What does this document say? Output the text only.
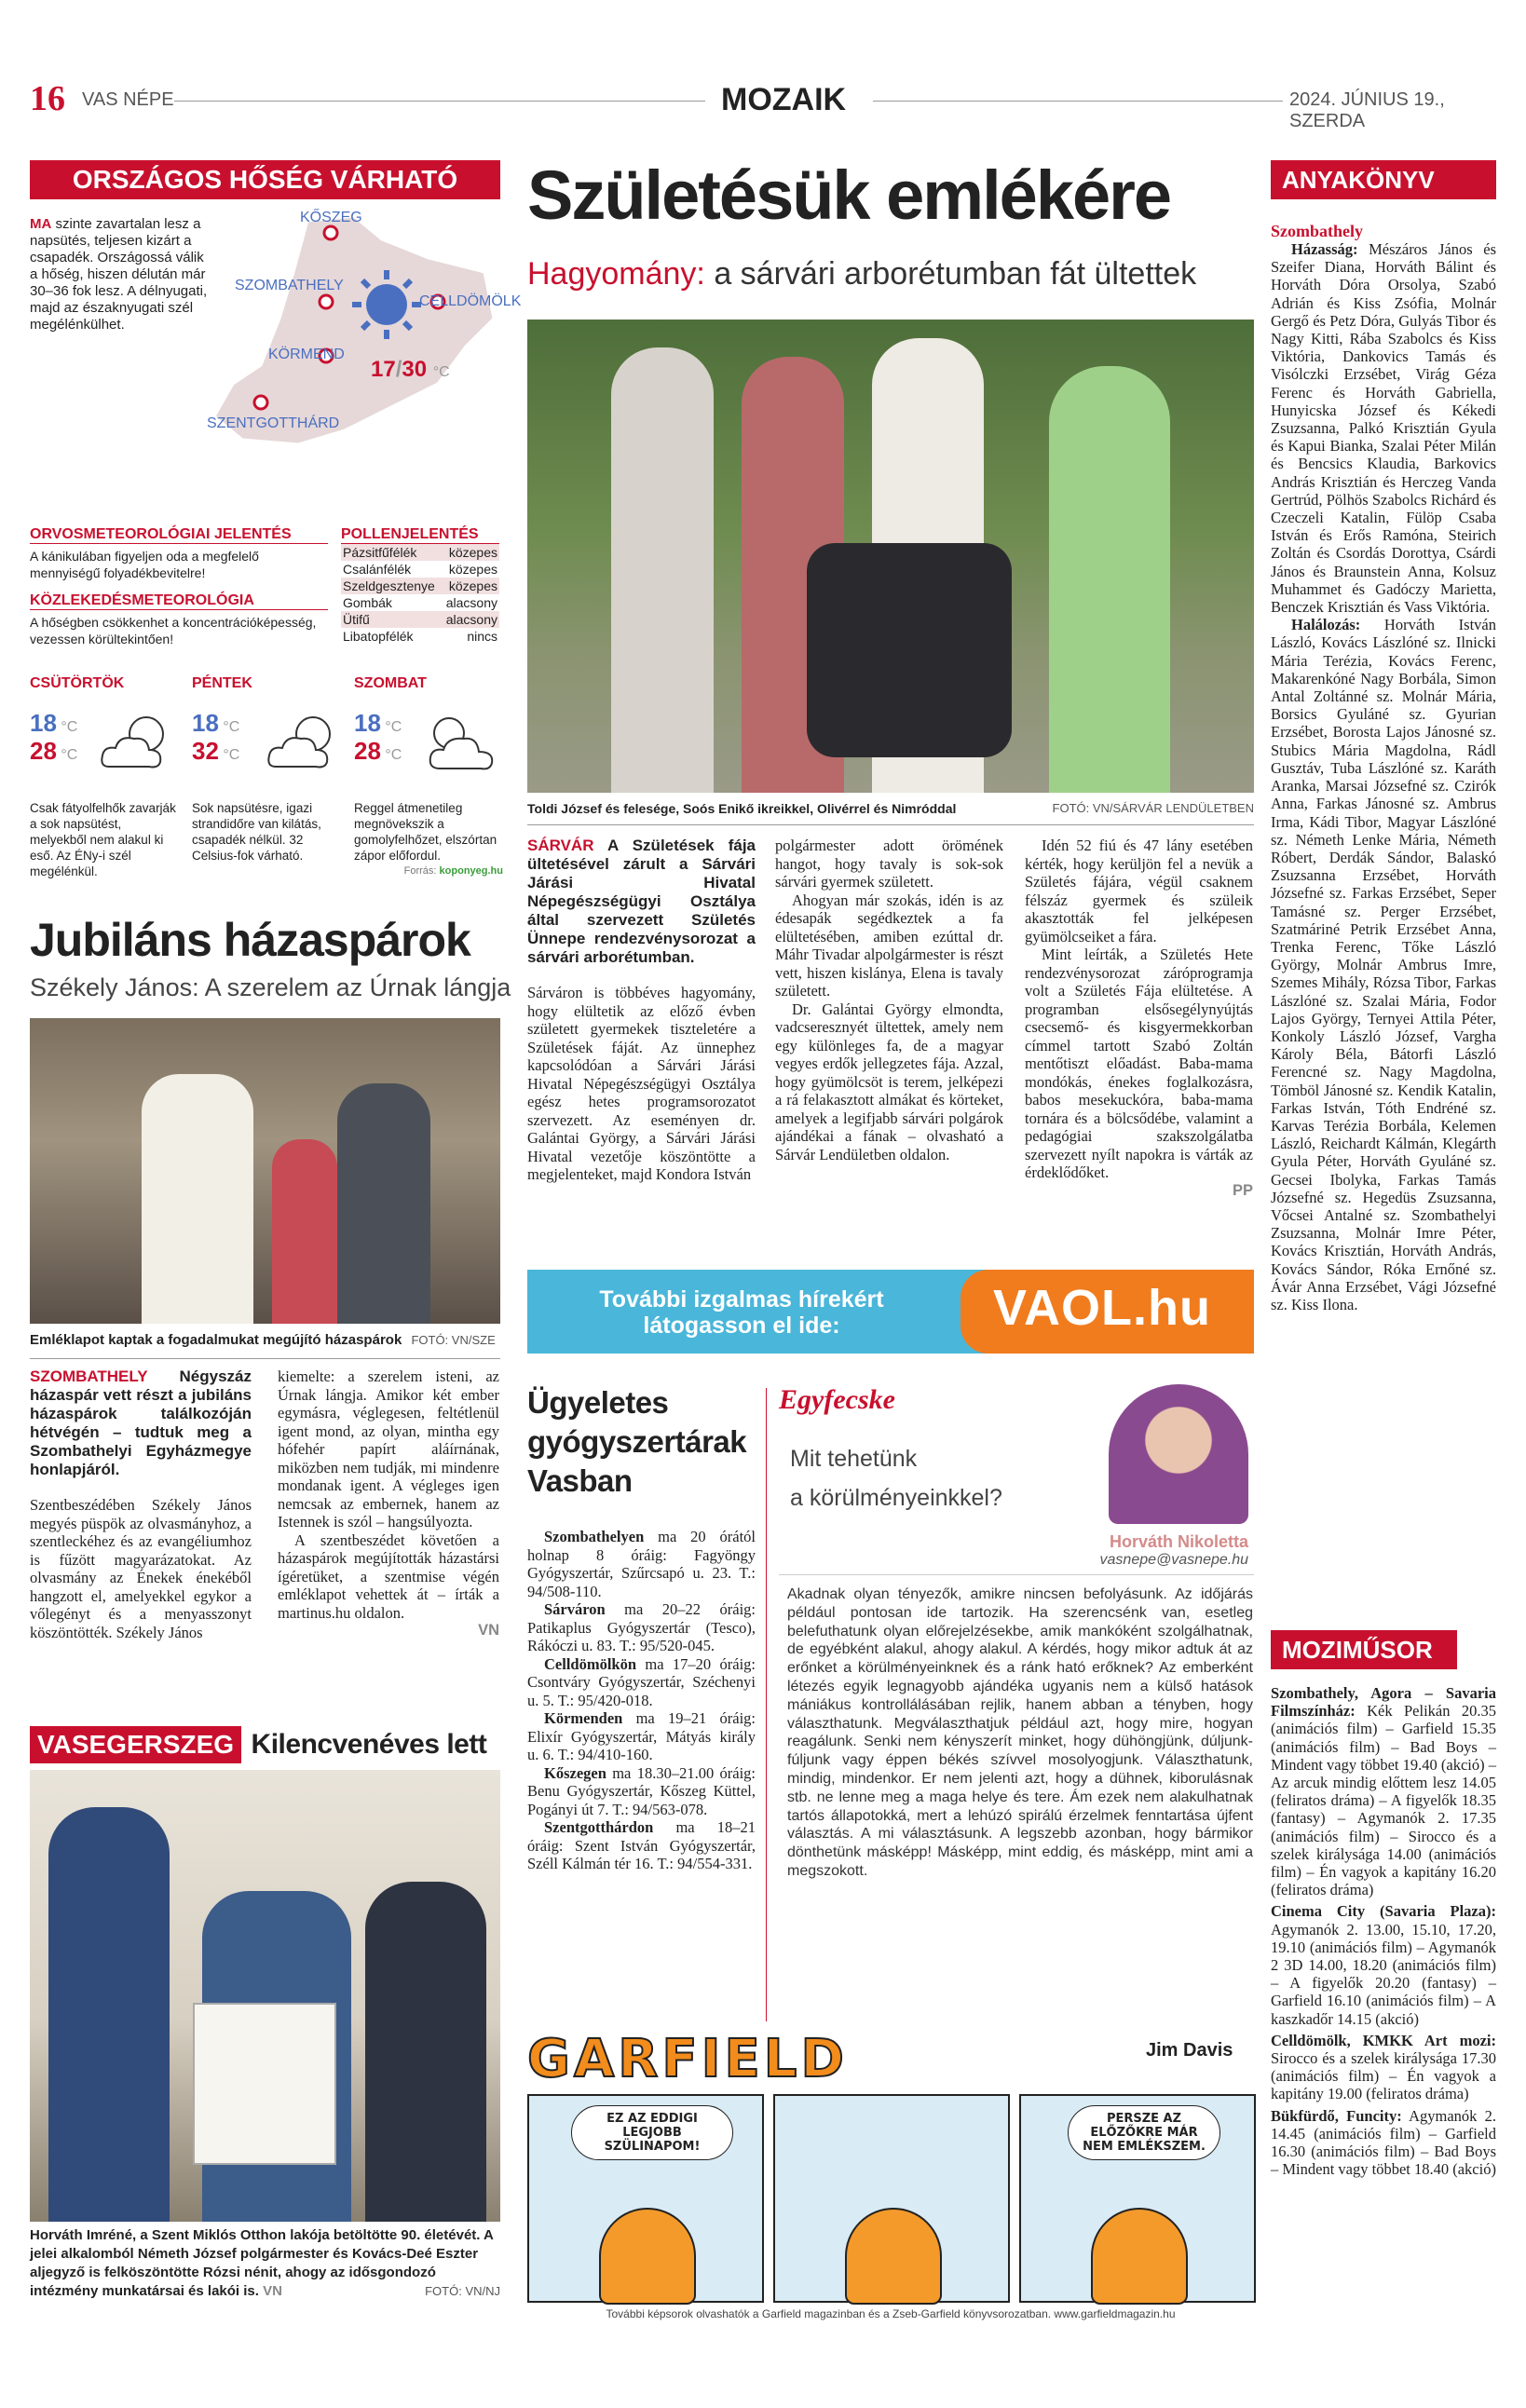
16 VAS NÉPE	MOZAIK	2024. JÚNIUS 19., SZERDA
ORSZÁGOS HŐSÉG VÁRHATÓ
MA szinte zavartalan lesz a napsütés, teljesen kizárt a csapadék. Országossá válik a hőség, hiszen délután már 30–36 fok lesz. A délnyugati, majd az északnyugati szél megélénkülhet.
KŐSZEG
SZOMBATHELY
CELLDÖMÖLK
KÖRMEND
SZENTGOTTHÁRD
17/30 °C
ORVOSMETEOROLÓGIAI JELENTÉS
A kánikulában figyeljen oda a megfelelő mennyiségű folyadékbevitelre!
KÖZLEKEDÉSMETEOROLÓGIA
A hőségben csökkenhet a koncentrációképesség, vezessen körültekintően!
POLLENJELENTÉS
Pázsitfűfélék	közepes
Csalánfélék	közepes
Szeldgesztenye	közepes
Gombák	alacsony
Ütifű	alacsony
Libatopfélék	nincs
CSÜTÖRTÖK
18 °C
28 °C
Csak fátyolfelhők zavarják a sok napsütést, melyekből nem alakul ki eső. Az ÉNy-i szél megélénkül.
PÉNTEK
18 °C
32 °C
Sok napsütésre, igazi strandidőre van kilátás, csapadék nélkül. 32 Celsius-fok várható.
SZOMBAT
18 °C
28 °C
Reggel átmenetileg megnövekszik a gomolyfelhőzet, elszórtan zápor előfordul.
Forrás: koponyeg.hu
Jubiláns házaspárok
Székely János: A szerelem az Úrnak lángja
Emléklapot kaptak a fogadalmukat megújító házaspárok FOTÓ: VN/SZE
SZOMBATHELY Négyszáz házaspár vett részt a jubiláns házaspárok találkozóján hétvégén – tudtuk meg a Szombathelyi Egyházmegye honlapjáról.

Szentbeszédében Székely János megyés püspök az olvasmányhoz, a szentleckéhez és az evangéliumhoz is fűzött magyarázatokat. Az olvasmány az Énekek énekéből hangzott el, amelyekkel egykor a vőlegényt és a menyasszonyt köszöntötték. Székely János

kiemelte: a szerelem isteni, az Úrnak lángja. Amikor két ember egymásra, véglegesen, feltétlenül igent mond, az olyan, mintha egy hófehér papírt aláírnának, miközben nem tudják, mi mindenre mondanak igent. A végleges igen nemcsak az embernek, hanem az Istennek is szól – hangsúlyozta.

A szentbeszédet követően a házaspárok megújították házastársi ígéretüket, a szentmise végén emléklapot vehettek át – írták a martinus.hu oldalon.

VN
VASEGERSZEG Kilencvenéves lett
Horváth Imréné, a Szent Miklós Otthon lakója betöltötte 90. életévét. A jelei alkalomból Németh József polgármester és Kovács-Deé Eszter aljegyző is felköszöntötte Rózsi nénit, ahogy az idősgondozó intézmény munkatársai és lakói is. VN	FOTÓ: VN/NJ
Születésük emlékére
Hagyomány: a sárvári arborétumban fát ültettek
Toldi József és felesége, Soós Enikő ikreikkel, Olivérrel és Nimróddal	FOTÓ: VN/SÁRVÁR LENDÜLETBEN
SÁRVÁR A Születések fája ültetésével zárult a Sárvári Járási Hivatal Népegészségügyi Osztálya által szervezett Születés Ünnepe rendezvénysorozat a sárvári arborétumban.

Sárváron is többéves hagyomány, hogy elültetik az előző évben született gyermekek tiszteletére a Születések fáját. Az ünnephez kapcsolódóan a Sárvári Járási Hivatal Népegészségügyi Osztálya egész hetes programsorozatot szervezett. Az eseményen dr. Galántai György, a Sárvári Járási Hivatal vezetője köszöntötte a megjelenteket, majd Kondora István

polgármester adott örömének hangot, hogy tavaly is sok-sok sárvári gyermek született.

Ahogyan már szokás, idén is az édesapák segédkeztek a fa elültetésében, amiben ezúttal dr. Máhr Tivadar alpolgármester is részt vett, hiszen kislánya, Elena is tavaly született.

Dr. Galántai György elmondta, vadcseresznyét ültettek, amely nem egy különleges fa, de a magyar vegyes erdők jellegzetes fája. Azzal, hogy gyümölcsöt is terem, jelképezi a rá felakasztott almákat és körteket, amelyek a legifjabb sárvári polgárok ajándékai a fának – olvasható a Sárvár Lendületben oldalon.

Idén 52 fiú és 47 lány esetében kérték, hogy kerüljön fel a nevük a Születés fájára, végül csaknem félszáz gyermek és szüleik akasztották fel jelképesen gyümölcseiket a fára.

Mint leírták, a Születés Hete rendezvénysorozat záróprogramja volt a Születés Fája elültetése. A programban elsősegélynyújtás csecsemő- és kisgyermekkorban címmel tartott Szabó Zoltán mentőtiszt előadást. Baba-mama mondókás, énekes foglalkozásra, babos mesekuckóra, baba-mama tornára és a bölcsődébe, valamint a pedagógiai szakszolgálatba szervezett nyílt napokra is várták az érdeklődőket.

PP
További izgalmas hírekért
látogasson el ide:	VAOL.hu
Ügyeletes gyógyszertárak Vasban

Szombathelyen ma 20 órától holnap 8 óráig: Fagyöngy Gyógyszertár, Szűrcsapó u. 23. T.: 94/508-110.

Sárváron ma 20–22 óráig: Patikaplus Gyógyszertár (Tesco), Rákóczi u. 83. T.: 95/520-045.

Celldömölkön ma 17–20 óráig: Csontváry Gyógyszertár, Széchenyi u. 5. T.: 95/420-018.

Körmenden ma 19–21 óráig: Elixír Gyógyszertár, Mátyás király u. 6. T.: 94/410-160.

Kőszegen ma 18.30–21.00 óráig: Benu Gyógyszertár, Kőszeg Küttel, Pogányi út 7. T.: 94/563-078.

Szentgotthárdon ma 18–21 óráig: Szent István Gyógyszertár, Széll Kálmán tér 16. T.: 94/554-331.

Egyfecske
Mit tehetünk
a körülményeinkkel?
Horváth Nikoletta
vasnepe@vasnepe.hu
Akadnak olyan tényezők, amikre nincsen befolyásunk. Az időjárás például pontosan ide tartozik. Ha szerencsénk van, esetleg belefuthatunk olyan előrejelzésekbe, amik mankóként szolgálhatnak, de egyébként alakul, ahogy alakul. A kérdés, hogy mikor adtuk át az erőnket a körülményeinknek és a ránk ható erőknek? Az emberként létezés egyik legnagyobb ajándéka ugyanis nem a külső hatások mániákus kontrollálásában rejlik, hanem abban a tényben, hogy választhatunk. Megválaszthatjuk például azt, hogy mire, hogyan reagálunk. Senki nem kényszerít minket, hogy dühöngjünk, dúljunk-fúljunk vagy éppen békés szívvel mosolyogjunk. Választhatunk, mindig, mindenkor. Er nem jelenti azt, hogy a dühnek, kiborulásnak stb. ne lenne meg a maga helye és tere. Ám ezek nem alakulhatnak tartós állapotokká, mert a lehúzó spirálú érzelmek fenntartása újfent választás. A mi választásunk. A legszebb azonban, hogy bármikor dönthetünk másképp! Másképp, mint eddig, és másképp, mint ami a megszokott.
GARFIELD	Jim Davis
EZ AZ EDDIGI LEGJOBB SZÜLINAPOM!
PERSZE AZ ELŐZŐKRE MÁR NEM EMLÉKSZEM.
További képsorok olvashatók a Garfield magazinban és a Zseb-Garfield könyvsorozatban. www.garfieldmagazin.hu
ANYAKÖNYV
Szombathely

Házasság: Mészáros János és Szeifer Diana, Horváth Bálint és Horváth Dóra Orsolya, Szabó Adrián és Kiss Zsófia, Molnár Gergő és Petz Dóra, Gulyás Tibor és Nagy Kitti, Rába Szabolcs és Kiss Viktória, Dankovics Tamás és Visólczki Erzsébet, Virág Géza Ferenc és Horváth Gabriella, Hunyicska József és Kékedi Zsuzsanna, Palkó Krisztián Gyula és Kapui Bianka, Szalai Péter Milán és Bencsics Klaudia, Barkovics András Krisztián és Herczeg Vanda Gertrúd, Pölhös Szabolcs Richárd és Czeczeli Katalin, Fülöp Csaba István és Erős Ramóna, Steirich Zoltán és Csordás Dorottya, Csárdi János és Braunstein Anna, Kolsuz Muhammet és Gadóczy Marietta, Benczek Krisztián és Vass Viktória.

Halálozás: Horváth István László, Kovács Lászlóné sz. Ilnicki Mária Terézia, Kovács Ferenc, Makarenkóné Nagy Borbála, Simon Antal Zoltánné sz. Molnár Mária, Borsics Gyuláné sz. Gyurian Erzsébet, Borosta Lajos Jánosné sz. Stubics Mária Magdolna, Rádl Gusztáv, Tuba Lászlóné sz. Karáth Aranka, Marsai Józsefné sz. Czirók Anna, Farkas Jánosné sz. Ambrus Irma, Kádi Tibor, Magyar Lászlóné sz. Németh Lenke Mária, Németh Róbert, Derdák Sándor, Balaskó Zsuzsanna Erzsébet, Horváth Józsefné sz. Farkas Erzsébet, Seper Tamásné sz. Perger Erzsébet, Szatmáriné Petrik Erzsébet Anna, Trenka Ferenc, Tőke László György, Molnár Ambrus Imre, Szemes Mihály, Rózsa Tibor, Farkas Lászlóné sz. Szalai Mária, Fodor Lajos György, Ternyei Attila Péter, Konkoly László József, Vargha Károly Béla, Bátorfi László Ferencné sz. Nagy Magdolna, Tömböl Jánosné sz. Kendik Katalin, Farkas István, Tóth Endréné sz. Karvas Terézia Borbála, Kelemen László, Reichardt Kálmán, Klegárth Gyula Péter, Horváth Gyuláné sz. Gecsei Ibolyka, Farkas Tamás Józsefné sz. Hegedüs Zsuzsanna, Vőcsei Antalné sz. Szombathelyi Zsuzsanna, Molnár Imre Péter, Kovács Krisztián, Horváth András, Kovács Sándor, Róka Ernőné sz. Ávár Anna Erzsébet, Vági Józsefné sz. Kiss Ilona.

MOZIMŰSOR

Szombathely, Agora – Savaria Filmszínház: Kék Pelikán 20.35 (animációs film) – Garfield 15.35 (animációs film) – Bad Boys – Mindent vagy többet 19.40 (akció) – Az arcuk mindig előttem lesz 14.05 (feliratos dráma) – A figyelők 18.35 (fantasy) – Agymanók 2. 17.35 (animációs film) – Sirocco és a szelek királysága 14.00 (animációs film) – Én vagyok a kapitány 16.20 (feliratos dráma)

Cinema City (Savaria Plaza): Agymanók 2. 13.00, 15.10, 17.20, 19.10 (animációs film) – Agymanók 2 3D 14.00, 18.20 (animációs film) – A figyelők 20.20 (fantasy) – Garfield 16.10 (animációs film) – A kaszkadőr 14.15 (akció)

Celldömölk, KMKK Art mozi: Sirocco és a szelek királysága 17.30 (animációs film) – Én vagyok a kapitány 19.00 (feliratos dráma)

Bükfürdő, Funcity: Agymanók 2. 14.45 (animációs film) – Garfield 16.30 (animációs film) – Bad Boys – Mindent vagy többet 18.40 (akció)
